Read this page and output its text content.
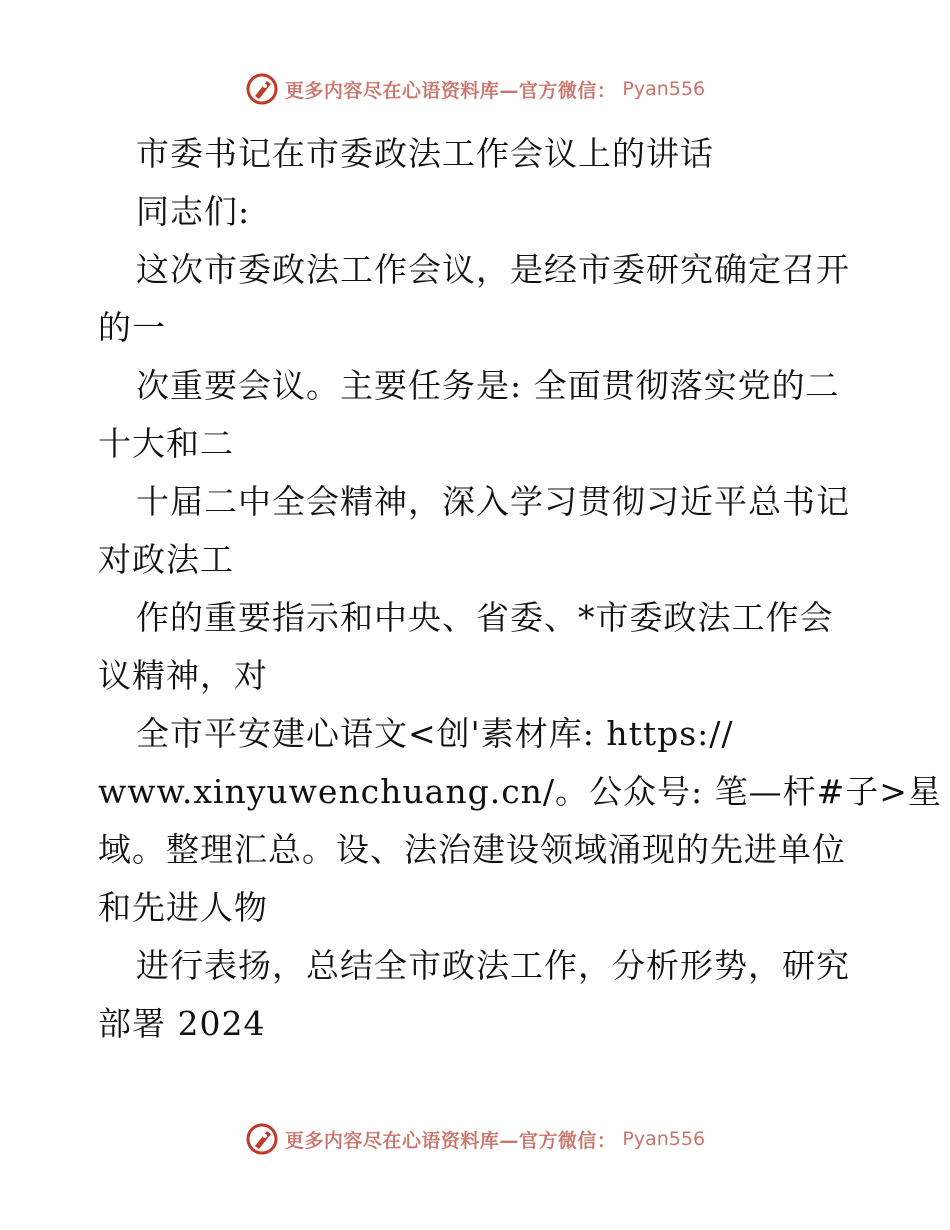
更多内容尽在心语资料库—官方微信： Pyan556
市委书记在市委政法工作会议上的讲话
同志们:
这次市委政法工作会议，是经市委研究确定召开
的一
次重要会议。主要任务是: 全面贯彻落实党的二
十大和二
十届二中全会精神，深入学习贯彻习近平总书记
对政法工
作的重要指示和中央、省委、*市委政法工作会
议精神，对
全市平安建心语文<创'素材库: https://
www.xinyuwenchuang.cn/。公众号: 笔—杆#子>星
域。整理汇总。设、法治建设领域涌现的先进单位
和先进人物
进行表扬，总结全市政法工作，分析形势，研究
部署 2024
更多内容尽在心语资料库—官方微信： Pyan556
